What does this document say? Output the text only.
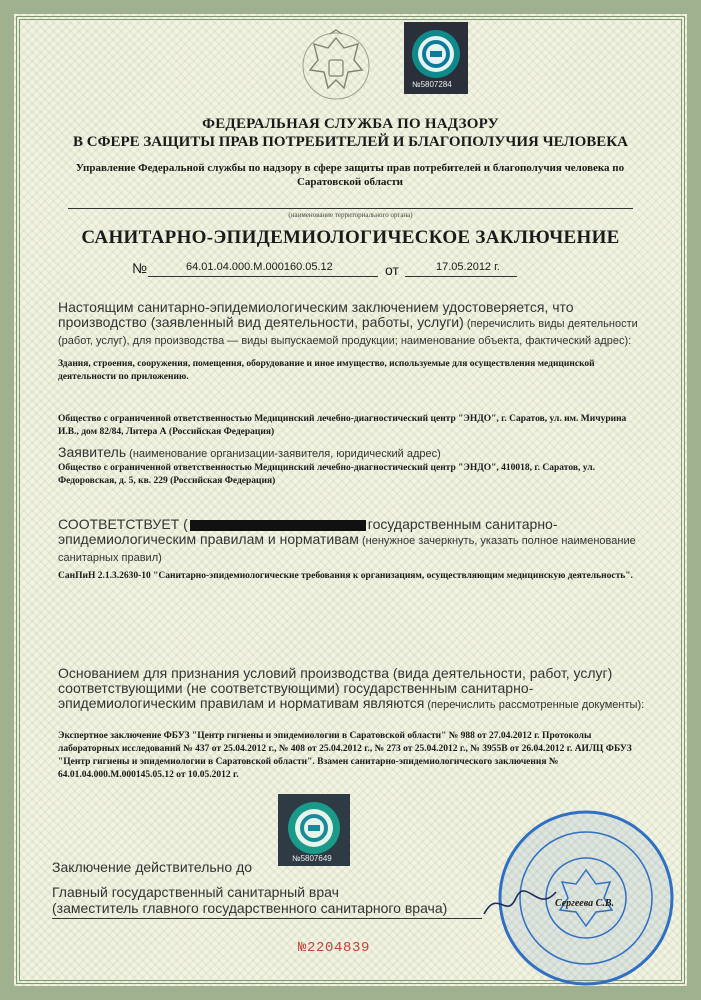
№5807284
ФЕДЕРАЛЬНАЯ СЛУЖБА ПО НАДЗОРУ
В СФЕРЕ ЗАЩИТЫ ПРАВ ПОТРЕБИТЕЛЕЙ И БЛАГОПОЛУЧИЯ ЧЕЛОВЕКА
Управление Федеральной службы по надзору в сфере защиты прав потребителей и благополучия человека по Саратовской области
(наименование территориального органа)
САНИТАРНО-ЭПИДЕМИОЛОГИЧЕСКОЕ ЗАКЛЮЧЕНИЕ
№	64.01.04.000.М.000160.05.12	от	17.05.2012 г.
Настоящим санитарно-эпидемиологическим заключением удостоверяется, что производство (заявленный вид деятельности, работы, услуги) (перечислить виды деятельности (работ, услуг), для производства — виды выпускаемой продукции; наименование объекта, фактический адрес):
Здания, строения, сооружения, помещения, оборудование и иное имущество, используемые для осуществления медицинской деятельности по приложению.
Общество с ограниченной ответственностью Медицинский лечебно-диагностический центр "ЭНДО", г. Саратов, ул. им. Мичурина И.В., дом 82/84, Литера А (Российская Федерация)
Заявитель (наименование организации-заявителя, юридический адрес)
Общество с ограниченной ответственностью Медицинский лечебно-диагностический центр "ЭНДО", 410018, г. Саратов, ул. Федоровская, д. 5, кв. 229 (Российская Федерация)
СООТВЕТСТВУЕТ (	государственным санитарно-эпидемиологическим правилам и нормативам (ненужное зачеркнуть, указать полное наименование санитарных правил)
СанПиН 2.1.3.2630-10 "Санитарно-эпидемиологические требования к организациям, осуществляющим медицинскую деятельность".
Основанием для признания условий производства (вида деятельности, работ, услуг) соответствующими (не соответствующими) государственным санитарно-эпидемиологическим правилам и нормативам являются (перечислить рассмотренные документы):
Экспертное заключение ФБУЗ "Центр гигиены и эпидемиологии в Саратовской области" № 988 от 27.04.2012 г. Протоколы лабораторных исследований № 437 от 25.04.2012 г., № 408 от 25.04.2012 г., № 273 от 25.04.2012 г., № 3955В от 26.04.2012 г. АИЛЦ ФБУЗ "Центр гигиены и эпидемиологии в Саратовской области". Взамен санитарно-эпидемиологического заключения № 64.01.04.000.М.000145.05.12 от 10.05.2012 г.
№5807649
Заключение действительно до
Главный государственный санитарный врач
(заместитель главного государственного санитарного врача)	Сергеева С.В.
№2204839
